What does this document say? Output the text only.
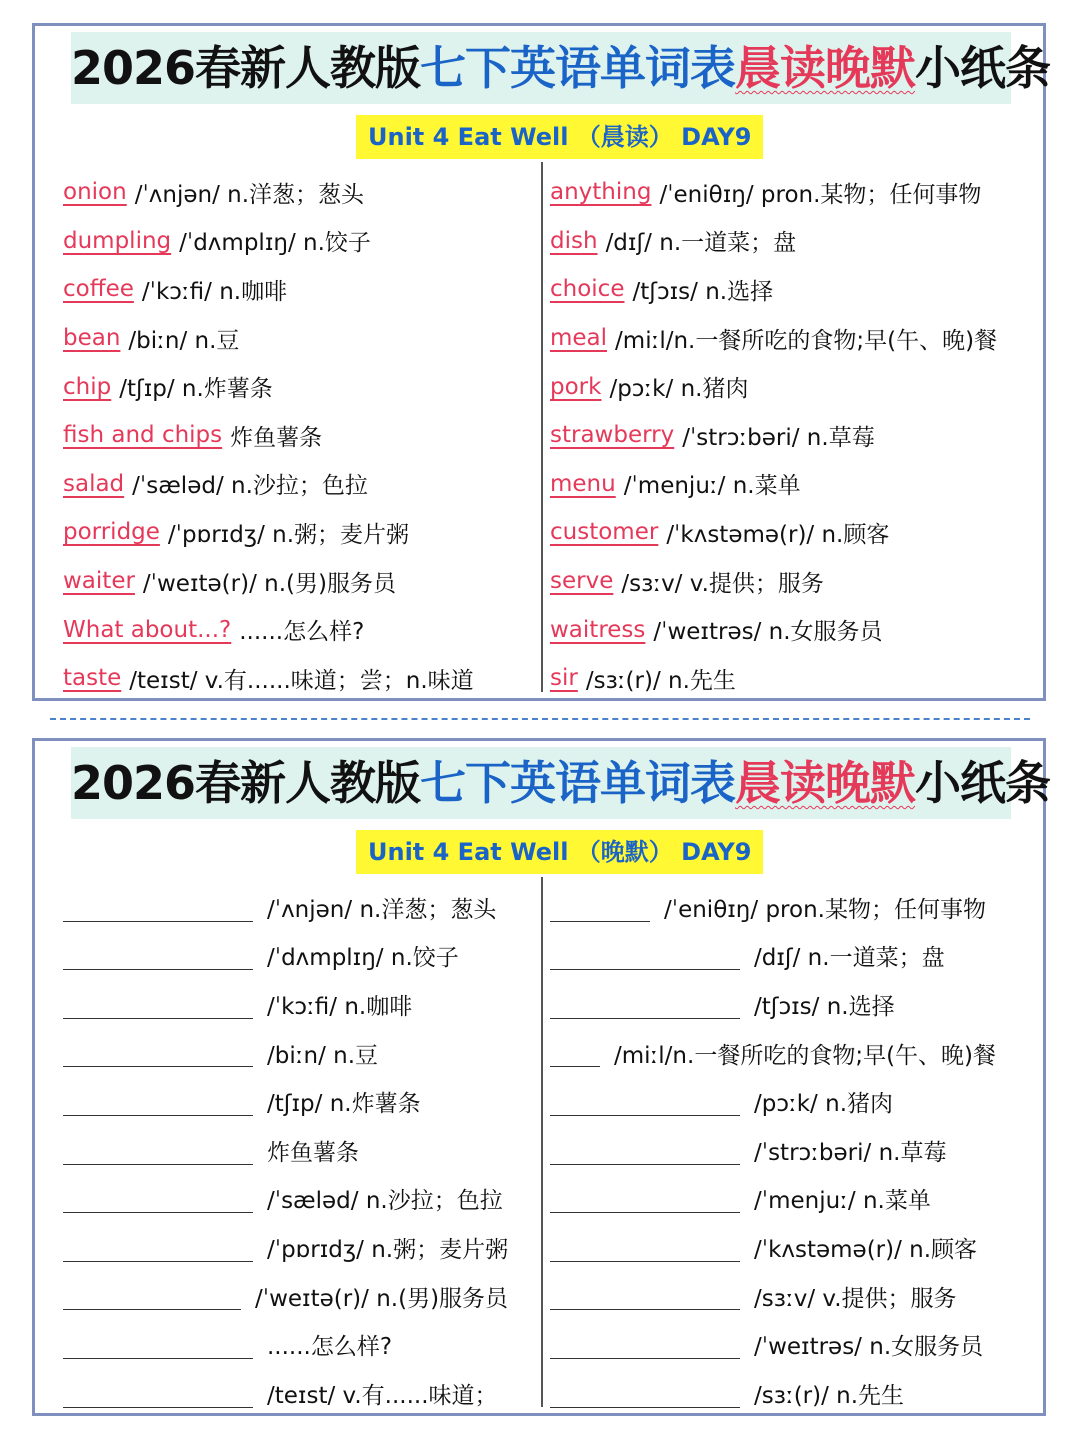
2026春新人教版七下英语单词表晨读晚默小纸条
Unit 4 Eat Well （晨读） DAY9
onion /ˈʌnjən/ n.洋葱；葱头
dumpling /ˈdʌmplɪŋ/ n.饺子
coffee /ˈkɔːfi/ n.咖啡
bean /biːn/ n.豆
chip /tʃɪp/ n.炸薯条
fish and chips 炸鱼薯条
salad /ˈsæləd/ n.沙拉；色拉
porridge /ˈpɒrɪdʒ/ n.粥；麦片粥
waiter /ˈweɪtə(r)/ n.(男)服务员
What about...? ......怎么样?
taste /teɪst/ v.有......味道；尝；n.味道
anything /ˈeniθɪŋ/ pron.某物；任何事物
dish /dɪʃ/ n.一道菜；盘
choice /tʃɔɪs/ n.选择
meal /miːl/n.一餐所吃的食物;早(午、晚)餐
pork /pɔːk/ n.猪肉
strawberry /ˈstrɔːbəri/ n.草莓
menu /ˈmenjuː/ n.菜单
customer /ˈkʌstəmə(r)/ n.顾客
serve /sɜːv/ v.提供；服务
waitress /ˈweɪtrəs/ n.女服务员
sir /sɜː(r)/ n.先生
2026春新人教版七下英语单词表晨读晚默小纸条
Unit 4 Eat Well （晚默） DAY9
/ˈʌnjən/ n.洋葱；葱头
/ˈdʌmplɪŋ/ n.饺子
/ˈkɔːfi/ n.咖啡
/biːn/ n.豆
/tʃɪp/ n.炸薯条
炸鱼薯条
/ˈsæləd/ n.沙拉；色拉
/ˈpɒrɪdʒ/ n.粥；麦片粥
/ˈweɪtə(r)/ n.(男)服务员
......怎么样?
/teɪst/ v.有......味道；
/ˈeniθɪŋ/ pron.某物；任何事物
/dɪʃ/ n.一道菜；盘
/tʃɔɪs/ n.选择
/miːl/n.一餐所吃的食物;早(午、晚)餐
/pɔːk/ n.猪肉
/ˈstrɔːbəri/ n.草莓
/ˈmenjuː/ n.菜单
/ˈkʌstəmə(r)/ n.顾客
/sɜːv/ v.提供；服务
/ˈweɪtrəs/ n.女服务员
/sɜː(r)/ n.先生
